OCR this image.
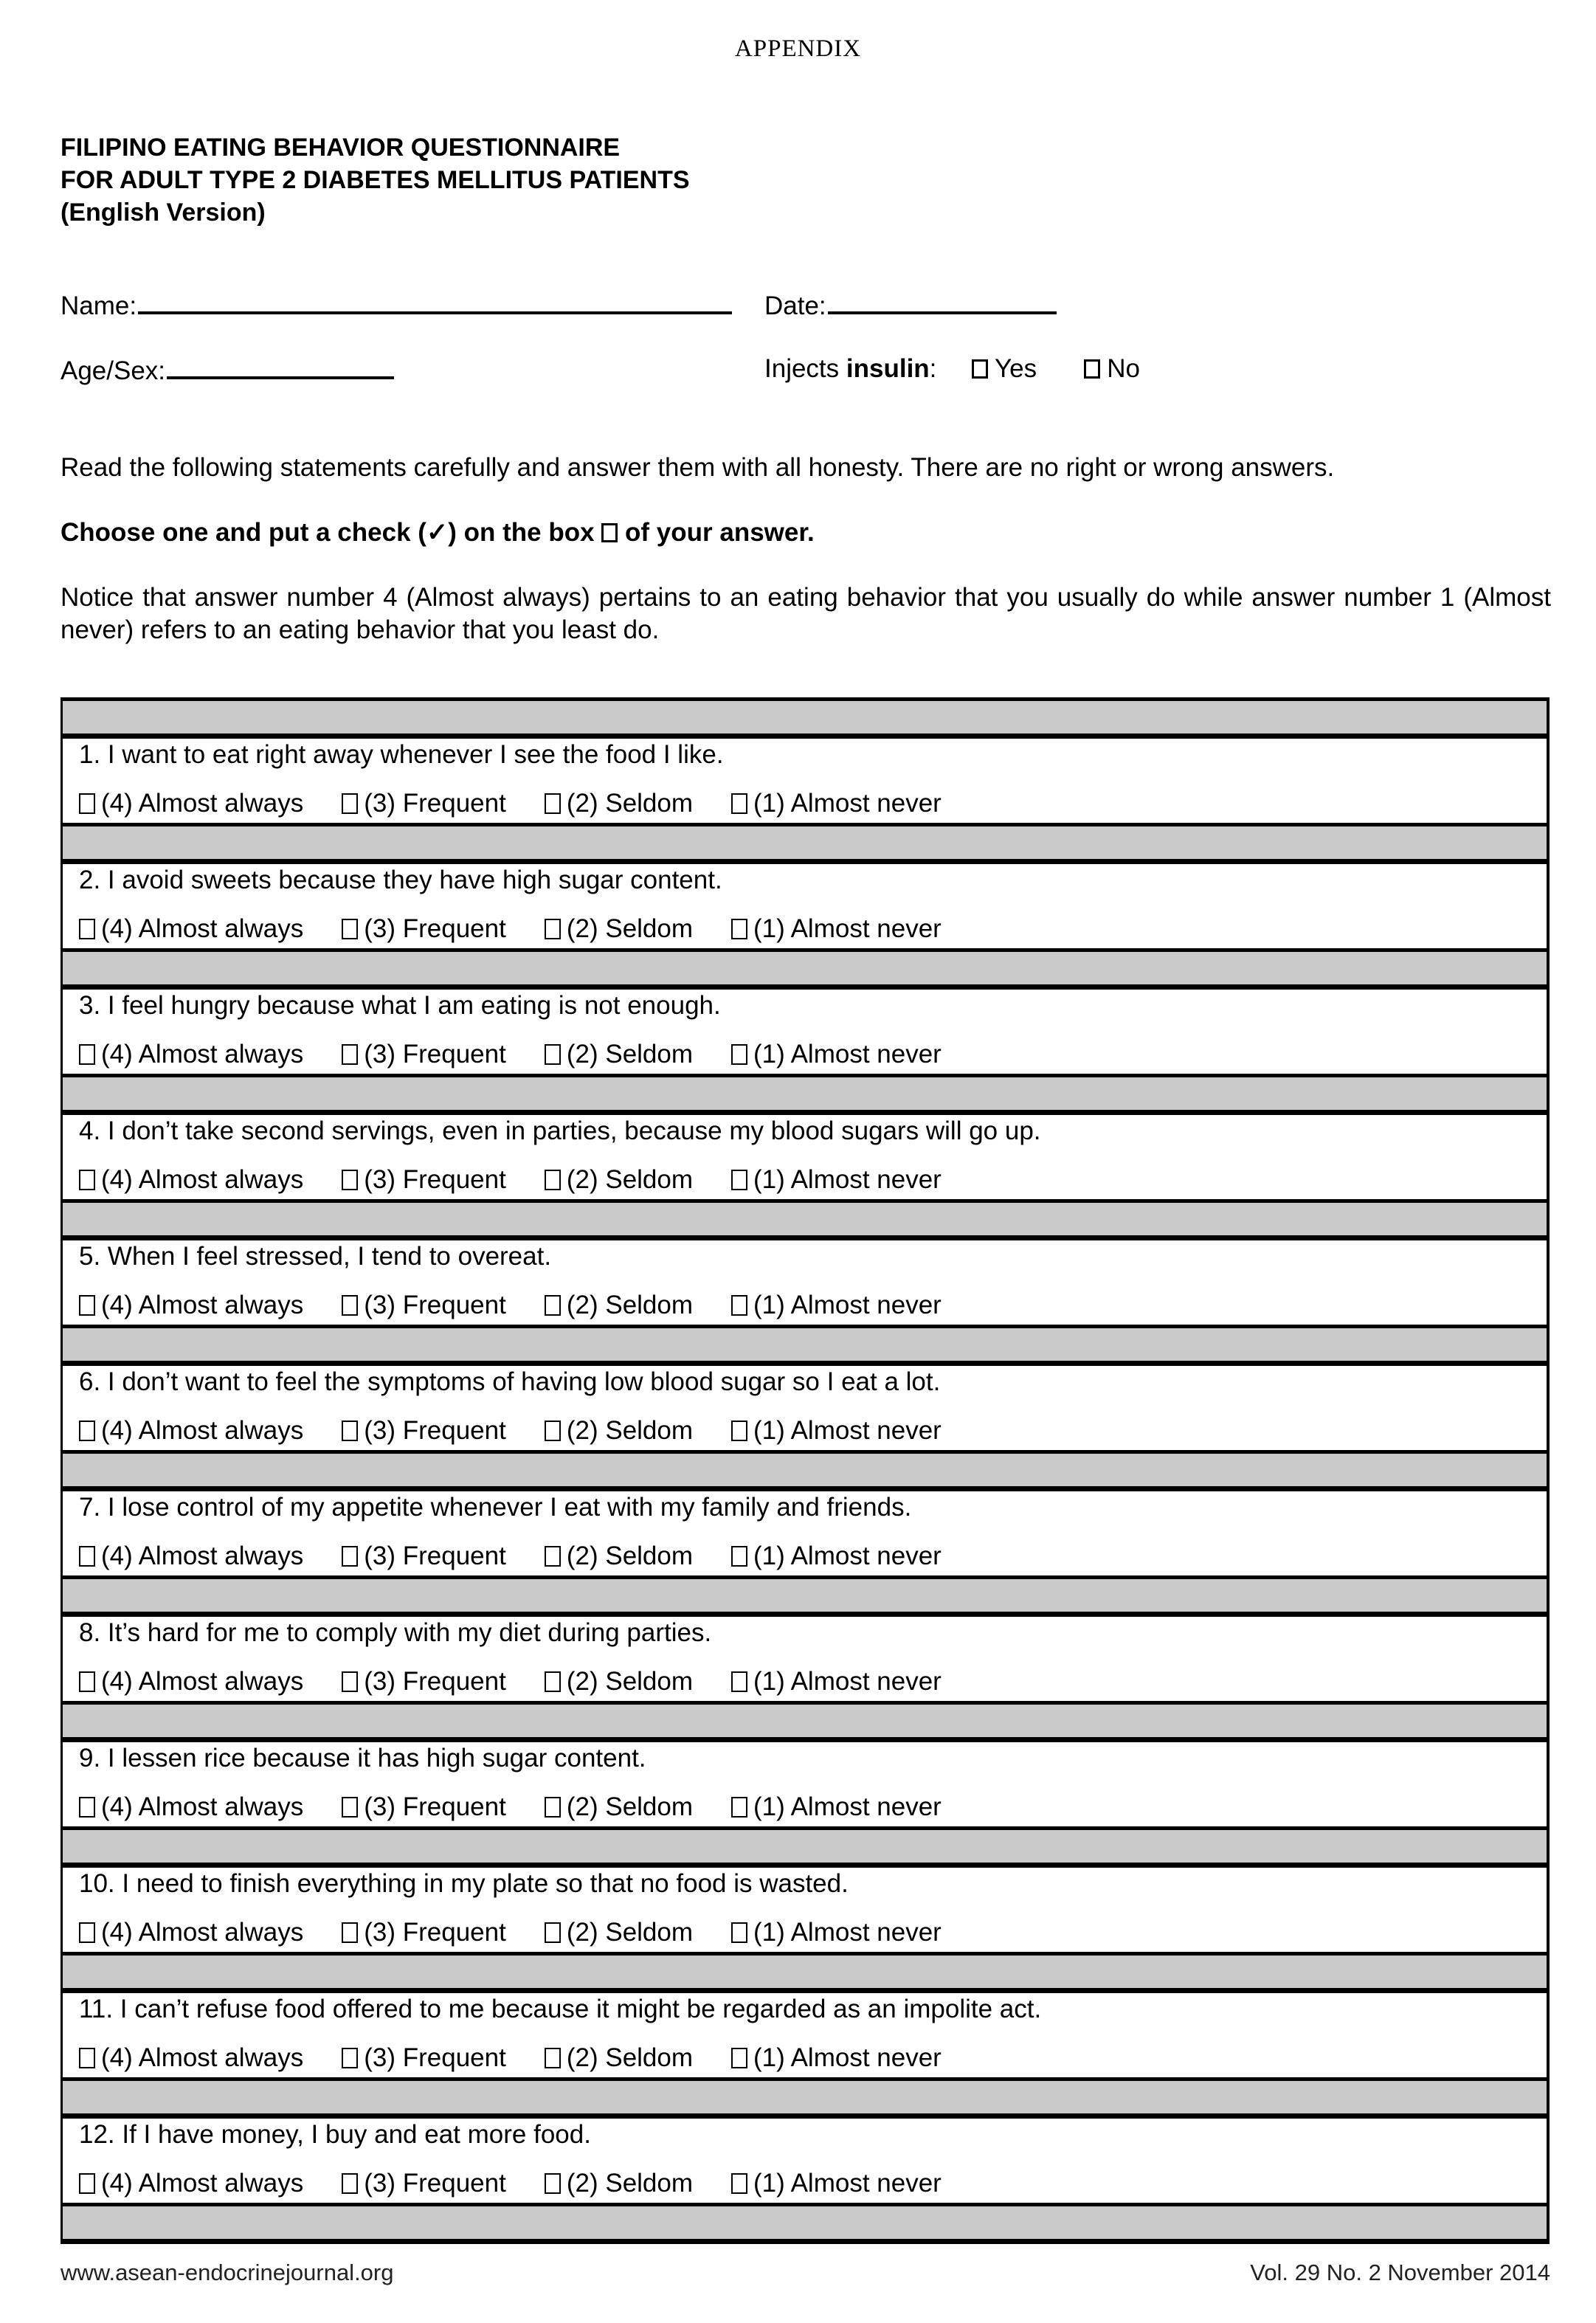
APPENDIX
FILIPINO EATING BEHAVIOR QUESTIONNAIRE
FOR ADULT TYPE 2 DIABETES MELLITUS PATIENTS
(English Version)
Name:	Date:
Age/Sex:	Injects insulin: Yes	No
Read the following statements carefully and answer them with all honesty. There are no right or wrong answers.
Choose one and put a check (✓) on the box  of your answer.
Notice that answer number 4 (Almost always) pertains to an eating behavior that you usually do while answer number 1 (Almost never) refers to an eating behavior that you least do.
1. I want to eat right away whenever I see the food I like.
(4) Almost always (3) Frequent (2) Seldom (1) Almost never
2. I avoid sweets because they have high sugar content.
(4) Almost always (3) Frequent (2) Seldom (1) Almost never
3. I feel hungry because what I am eating is not enough.
(4) Almost always (3) Frequent (2) Seldom (1) Almost never
4. I don’t take second servings, even in parties, because my blood sugars will go up.
(4) Almost always (3) Frequent (2) Seldom (1) Almost never
5. When I feel stressed, I tend to overeat.
(4) Almost always (3) Frequent (2) Seldom (1) Almost never
6. I don’t want to feel the symptoms of having low blood sugar so I eat a lot.
(4) Almost always (3) Frequent (2) Seldom (1) Almost never
7. I lose control of my appetite whenever I eat with my family and friends.
(4) Almost always (3) Frequent (2) Seldom (1) Almost never
8. It’s hard for me to comply with my diet during parties.
(4) Almost always (3) Frequent (2) Seldom (1) Almost never
9. I lessen rice because it has high sugar content.
(4) Almost always (3) Frequent (2) Seldom (1) Almost never
10. I need to finish everything in my plate so that no food is wasted.
(4) Almost always (3) Frequent (2) Seldom (1) Almost never
11. I can’t refuse food offered to me because it might be regarded as an impolite act.
(4) Almost always (3) Frequent (2) Seldom (1) Almost never
12. If I have money, I buy and eat more food.
(4) Almost always (3) Frequent (2) Seldom (1) Almost never
www.asean-endocrinejournal.org	Vol. 29 No. 2 November 2014
